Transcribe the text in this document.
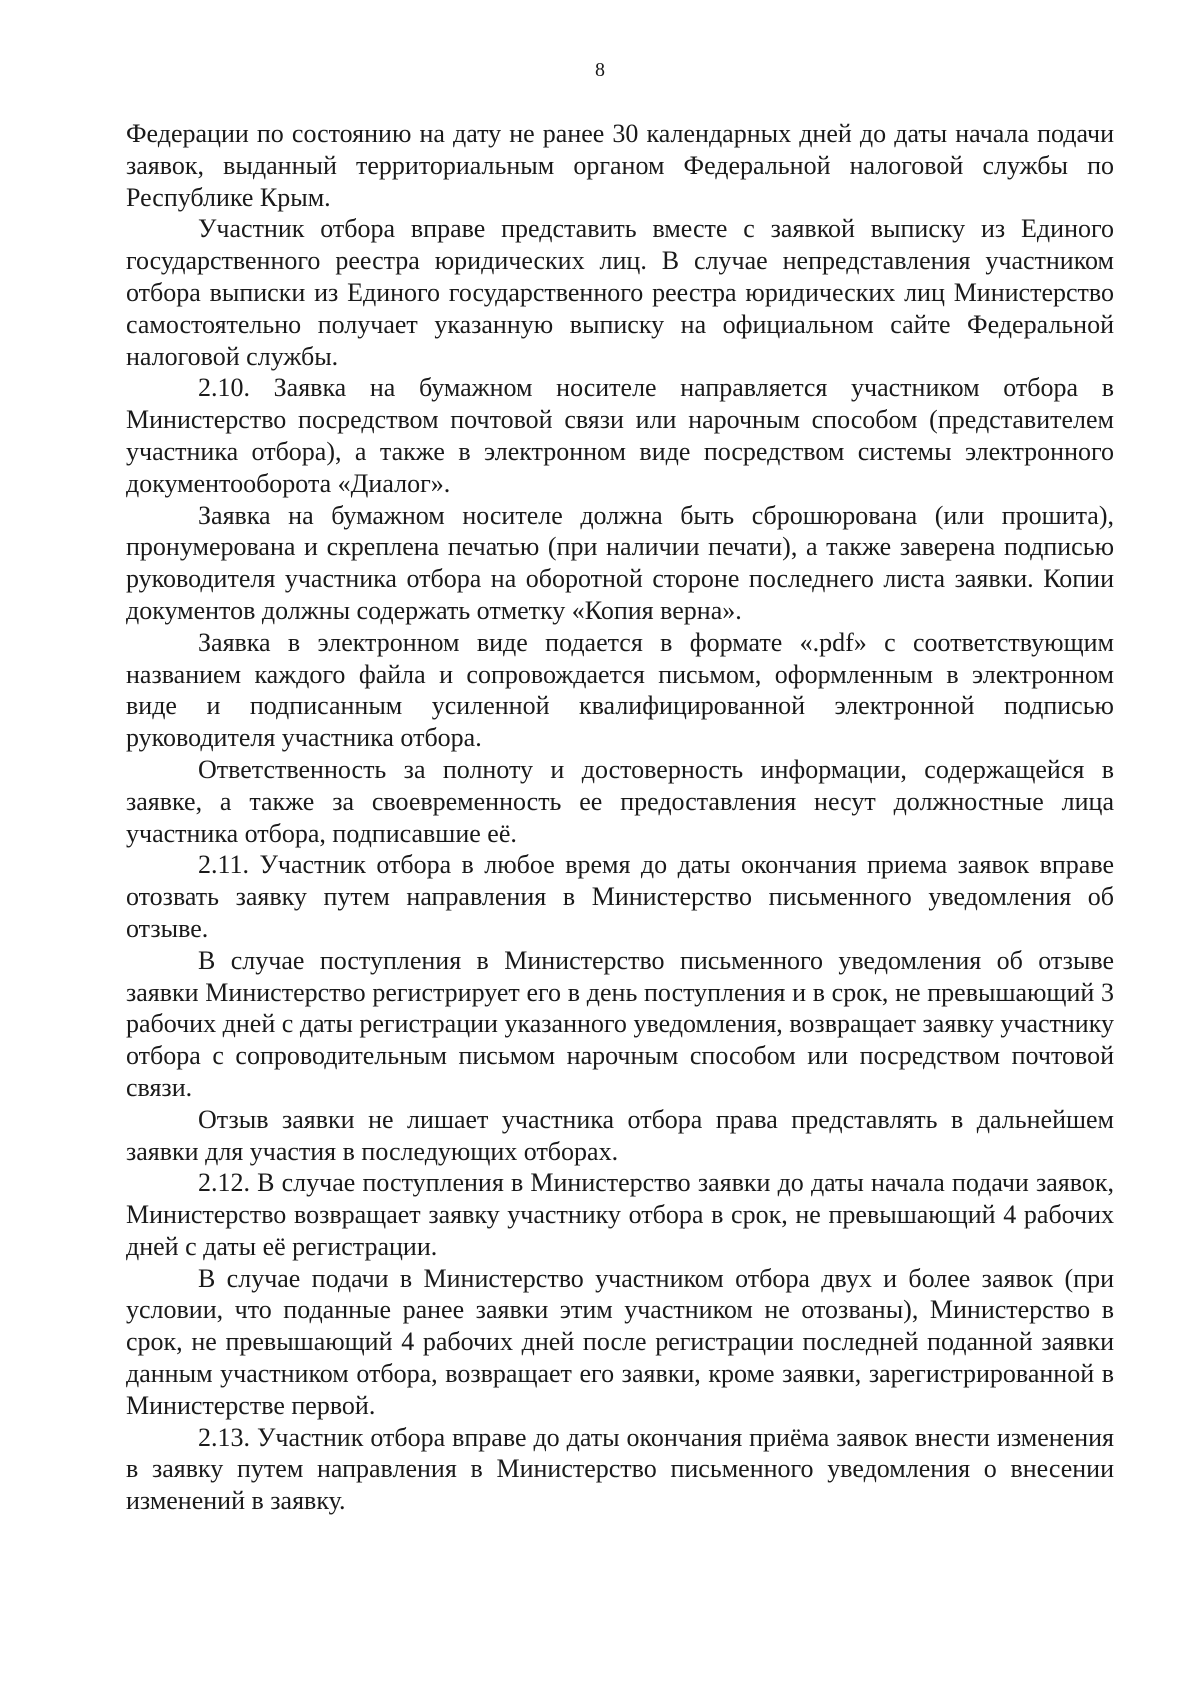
8

Федерации по состоянию на дату не ранее 30 календарных дней до даты начала подачи заявок, выданный территориальным органом Федеральной налоговой службы по Республике Крым.

Участник отбора вправе представить вместе с заявкой выписку из Единого государственного реестра юридических лиц. В случае непредставления участником отбора выписки из Единого государственного реестра юридических лиц Министерство самостоятельно получает указанную выписку на официальном сайте Федеральной налоговой службы.

2.10. Заявка на бумажном носителе направляется участником отбора в Министерство посредством почтовой связи или нарочным способом (представителем участника отбора), а также в электронном виде посредством системы электронного документооборота «Диалог».

Заявка на бумажном носителе должна быть сброшюрована (или прошита), пронумерована и скреплена печатью (при наличии печати), а также заверена подписью руководителя участника отбора на оборотной стороне последнего листа заявки. Копии документов должны содержать отметку «Копия верна».

Заявка в электронном виде подается в формате «.pdf» с соответствующим названием каждого файла и сопровождается письмом, оформленным в электронном виде и подписанным усиленной квалифицированной электронной подписью руководителя участника отбора.

Ответственность за полноту и достоверность информации, содержащейся в заявке, а также за своевременность ее предоставления несут должностные лица участника отбора, подписавшие её.

2.11. Участник отбора в любое время до даты окончания приема заявок вправе отозвать заявку путем направления в Министерство письменного уведомления об отзыве.

В случае поступления в Министерство письменного уведомления об отзыве заявки Министерство регистрирует его в день поступления и в срок, не превышающий 3 рабочих дней с даты регистрации указанного уведомления, возвращает заявку участнику отбора с сопроводительным письмом нарочным способом или посредством почтовой связи.

Отзыв заявки не лишает участника отбора права представлять в дальнейшем заявки для участия в последующих отборах.

2.12. В случае поступления в Министерство заявки до даты начала подачи заявок, Министерство возвращает заявку участнику отбора в срок, не превышающий 4 рабочих дней с даты её регистрации.

В случае подачи в Министерство участником отбора двух и более заявок (при условии, что поданные ранее заявки этим участником не отозваны), Министерство в срок, не превышающий 4 рабочих дней после регистрации последней поданной заявки данным участником отбора, возвращает его заявки, кроме заявки, зарегистрированной в Министерстве первой.

2.13. Участник отбора вправе до даты окончания приёма заявок внести изменения в заявку путем направления в Министерство письменного уведомления о внесении изменений в заявку.
